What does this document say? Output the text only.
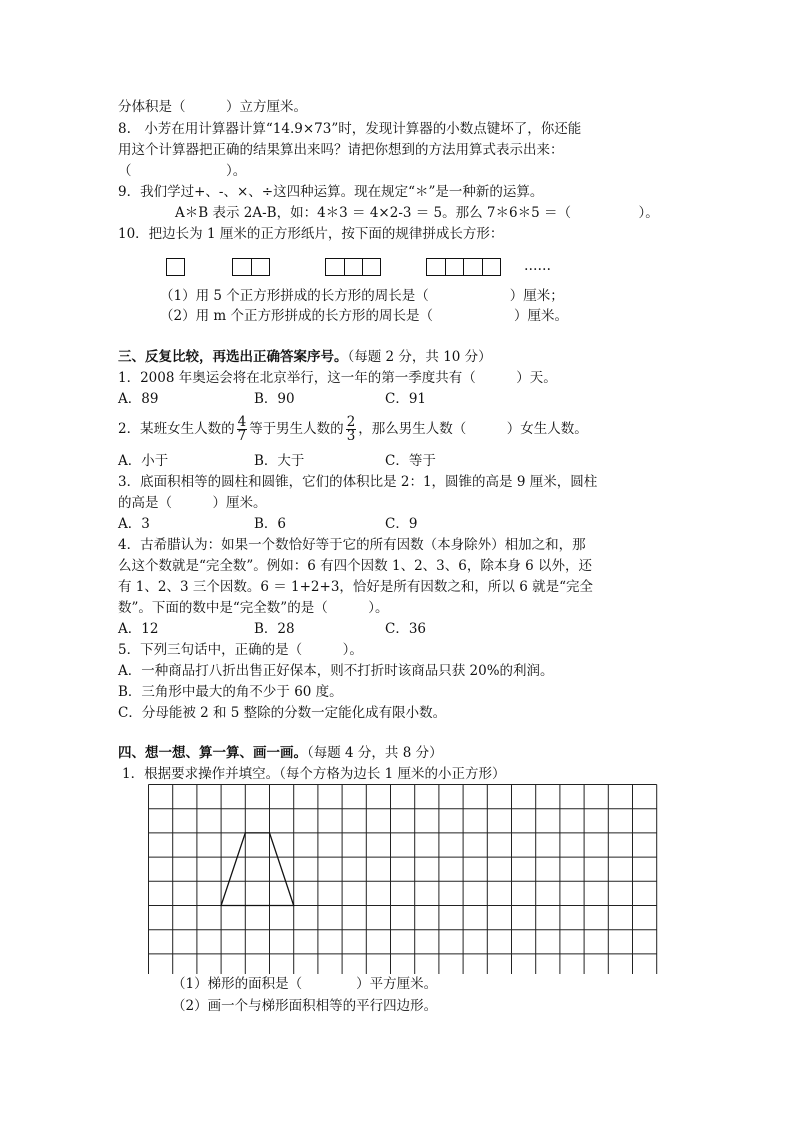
分体积是（　　　）立方厘米。

8.　小芳在用计算器计算“14.9×73”时，发现计算器的小数点键坏了，你还能

用这个计算器把正确的结果算出来吗？请把你想到的方法用算式表示出来：

（　　　　　　　）。

9．我们学过+、-、×、÷这四种运算。现在规定“＊”是一种新的运算。

A＊B 表示 2A-B，如：4＊3 ＝ 4×2-3 ＝ 5。那么 7＊6＊5 ＝（　　　　　）。

10．把边长为 1 厘米的正方形纸片，按下面的规律拼成长方形：

……

（1）用 5 个正方形拼成的长方形的周长是（　　　　　　）厘米；

（2）用 m 个正方形拼成的长方形的周长是（　　　　　　）厘米。

三、反复比较，再选出正确答案序号。（每题 2 分，共 10 分）

1．2008 年奥运会将在北京举行，这一年的第一季度共有（　　　）天。

A．89	B．90	C．91

2．某班女生人数的 $\frac{4}{7}$ 等于男生人数的 $\frac{2}{3}$ ，那么男生人数（　　　）女生人数。

A．小于	B．大于	C．等于

3．底面积相等的圆柱和圆锥，它们的体积比是 2：1，圆锥的高是 9 厘米，圆柱

的高是（　　　）厘米。

A．3	B．6	C．9

4．古希腊认为：如果一个数恰好等于它的所有因数（本身除外）相加之和，那

么这个数就是“完全数”。例如：6 有四个因数 1、2、3、6，除本身 6 以外，还

有 1、2、3 三个因数。6 ＝ 1+2+3，恰好是所有因数之和，所以 6 就是“完全

数”。下面的数中是“完全数”的是（　　　）。

A．12	B．28	C．36

5．下列三句话中，正确的是（　　　）。

A．一种商品打八折出售正好保本，则不打折时该商品只获 20%的利润。

B．三角形中最大的角不少于 60 度。

C．分母能被 2 和 5 整除的分数一定能化成有限小数。

四、想一想、算一算、画一画。（每题 4 分，共 8 分）

1．根据要求操作并填空。（每个方格为边长 1 厘米的小正方形）

（1）梯形的面积是（　　　　）平方厘米。

（2）画一个与梯形面积相等的平行四边形。
